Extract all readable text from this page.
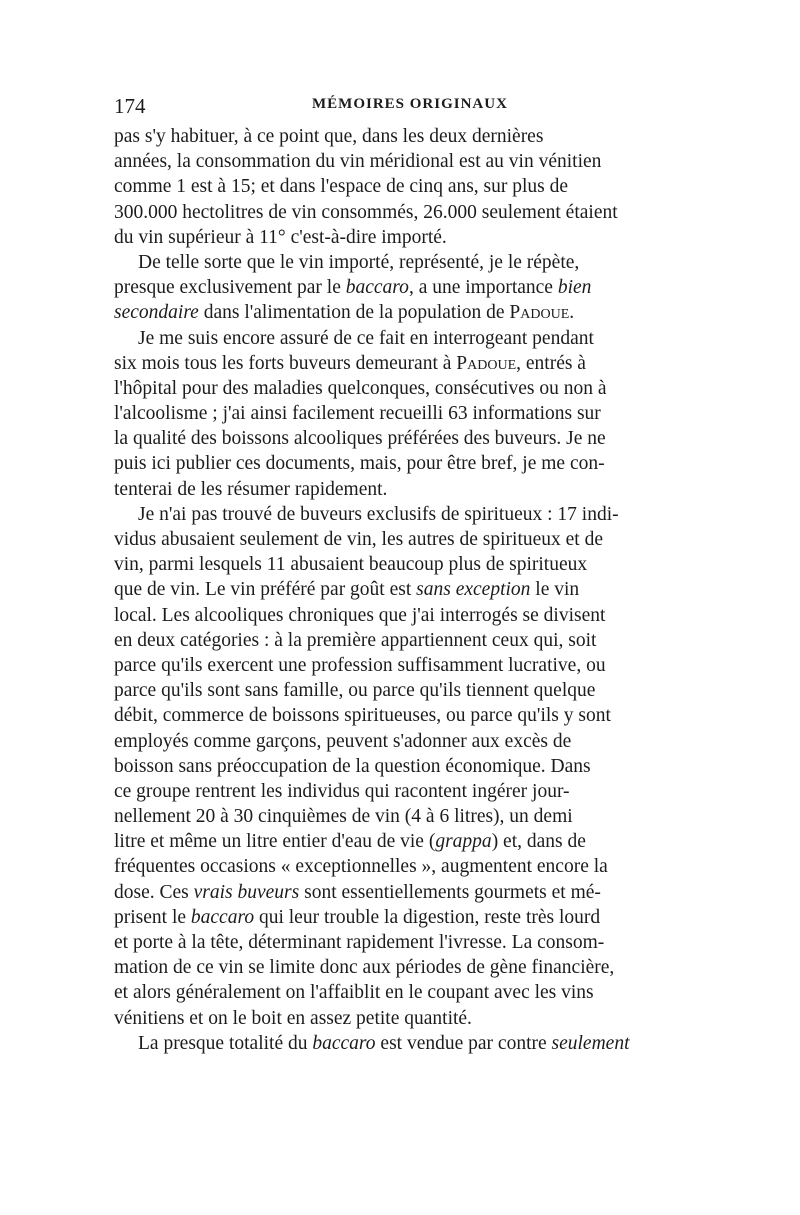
174	MÉMOIRES ORIGINAUX
pas s'y habituer, à ce point que, dans les deux dernières
années, la consommation du vin méridional est au vin vénitien
comme 1 est à 15; et dans l'espace de cinq ans, sur plus de
300.000 hectolitres de vin consommés, 26.000 seulement étaient
du vin supérieur à 11° c'est-à-dire importé.
De telle sorte que le vin importé, représenté, je le répète,
presque exclusivement par le baccaro, a une importance bien
secondaire dans l'alimentation de la population de Padoue.
Je me suis encore assuré de ce fait en interrogeant pendant
six mois tous les forts buveurs demeurant à Padoue, entrés à
l'hôpital pour des maladies quelconques, consécutives ou non à
l'alcoolisme ; j'ai ainsi facilement recueilli 63 informations sur
la qualité des boissons alcooliques préférées des buveurs. Je ne
puis ici publier ces documents, mais, pour être bref, je me con-
tenterai de les résumer rapidement.
Je n'ai pas trouvé de buveurs exclusifs de spiritueux : 17 indi-
vidus abusaient seulement de vin, les autres de spiritueux et de
vin, parmi lesquels 11 abusaient beaucoup plus de spiritueux
que de vin. Le vin préféré par goût est sans exception le vin
local. Les alcooliques chroniques que j'ai interrogés se divisent
en deux catégories : à la première appartiennent ceux qui, soit
parce qu'ils exercent une profession suffisamment lucrative, ou
parce qu'ils sont sans famille, ou parce qu'ils tiennent quelque
débit, commerce de boissons spiritueuses, ou parce qu'ils y sont
employés comme garçons, peuvent s'adonner aux excès de
boisson sans préoccupation de la question économique. Dans
ce groupe rentrent les individus qui racontent ingérer jour-
nellement 20 à 30 cinquièmes de vin (4 à 6 litres), un demi
litre et même un litre entier d'eau de vie (grappa) et, dans de
fréquentes occasions « exceptionnelles », augmentent encore la
dose. Ces vrais buveurs sont essentiellements gourmets et mé-
prisent le baccaro qui leur trouble la digestion, reste très lourd
et porte à la tête, déterminant rapidement l'ivresse. La consom-
mation de ce vin se limite donc aux périodes de gène financière,
et alors généralement on l'affaiblit en le coupant avec les vins
vénitiens et on le boit en assez petite quantité.
La presque totalité du baccaro est vendue par contre seulement
